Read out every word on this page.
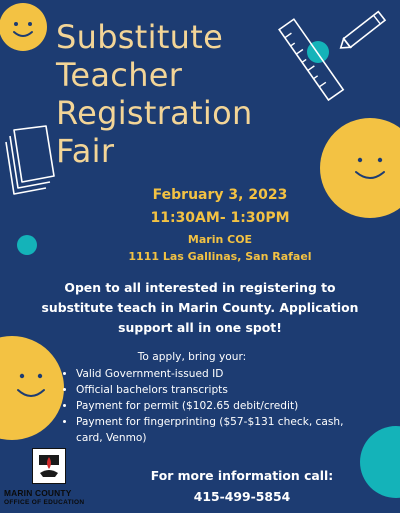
Substitute
Teacher
Registration
Fair
February 3, 2023
11:30AM- 1:30PM
Marin COE
1111 Las Gallinas, San Rafael
Open to all interested in registering to substitute teach in Marin County. Application support all in one spot!
To apply, bring your:
• Valid Government-issued ID
• Official bachelors transcripts
• Payment for permit ($102.65 debit/credit)
• Payment for fingerprinting ($57-$131 check, cash, card, Venmo)
For more information call:
415-499-5854
MARIN COUNTY
OFFICE OF EDUCATION
